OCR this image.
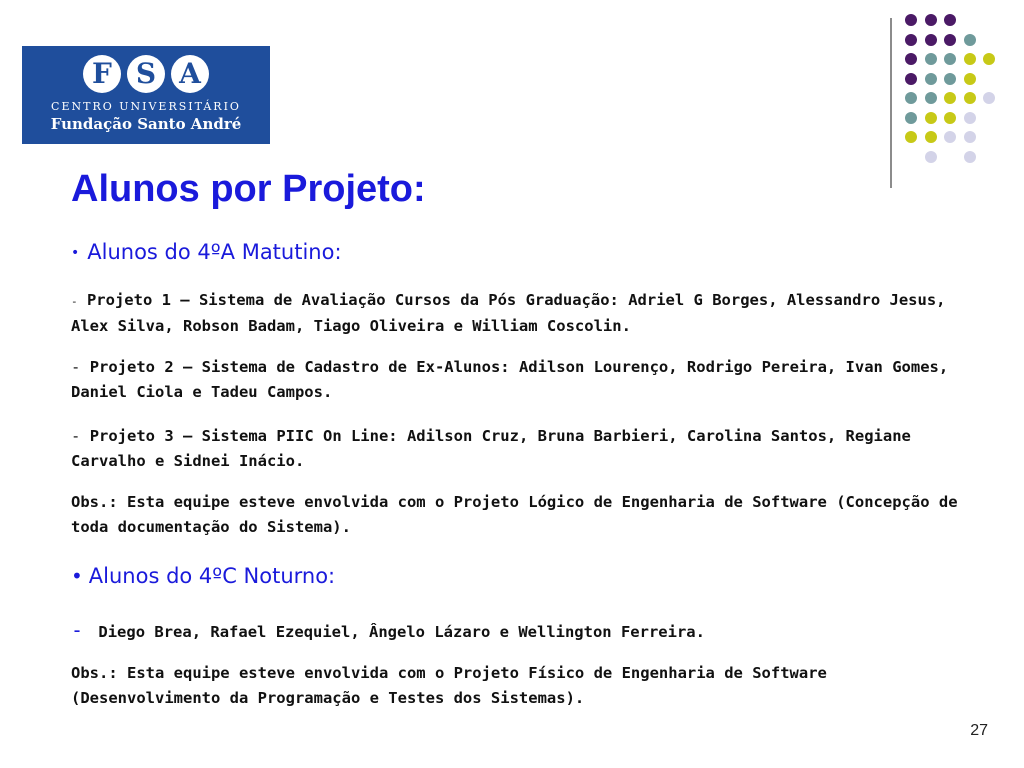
F S A
CENTRO UNIVERSITÁRIO
Fundação Santo André
Alunos por Projeto:
• Alunos do 4ºA Matutino:

- Projeto 1 – Sistema de Avaliação Cursos da Pós Graduação: Adriel G Borges, Alessandro Jesus, Alex Silva, Robson Badam, Tiago Oliveira e William Coscolin.

- Projeto 2 – Sistema de Cadastro de Ex-Alunos: Adilson Lourenço, Rodrigo Pereira, Ivan Gomes, Daniel Ciola e Tadeu Campos.

- Projeto 3 – Sistema PIIC On Line: Adilson Cruz, Bruna Barbieri, Carolina Santos, Regiane Carvalho e Sidnei Inácio.

Obs.: Esta equipe esteve envolvida com o Projeto Lógico de Engenharia de Software (Concepção de toda documentação do Sistema).

• Alunos do 4ºC Noturno:

- Diego Brea, Rafael Ezequiel, Ângelo Lázaro e Wellington Ferreira.

Obs.: Esta equipe esteve envolvida com o Projeto Físico de Engenharia de Software (Desenvolvimento da Programação e Testes dos Sistemas).

27
